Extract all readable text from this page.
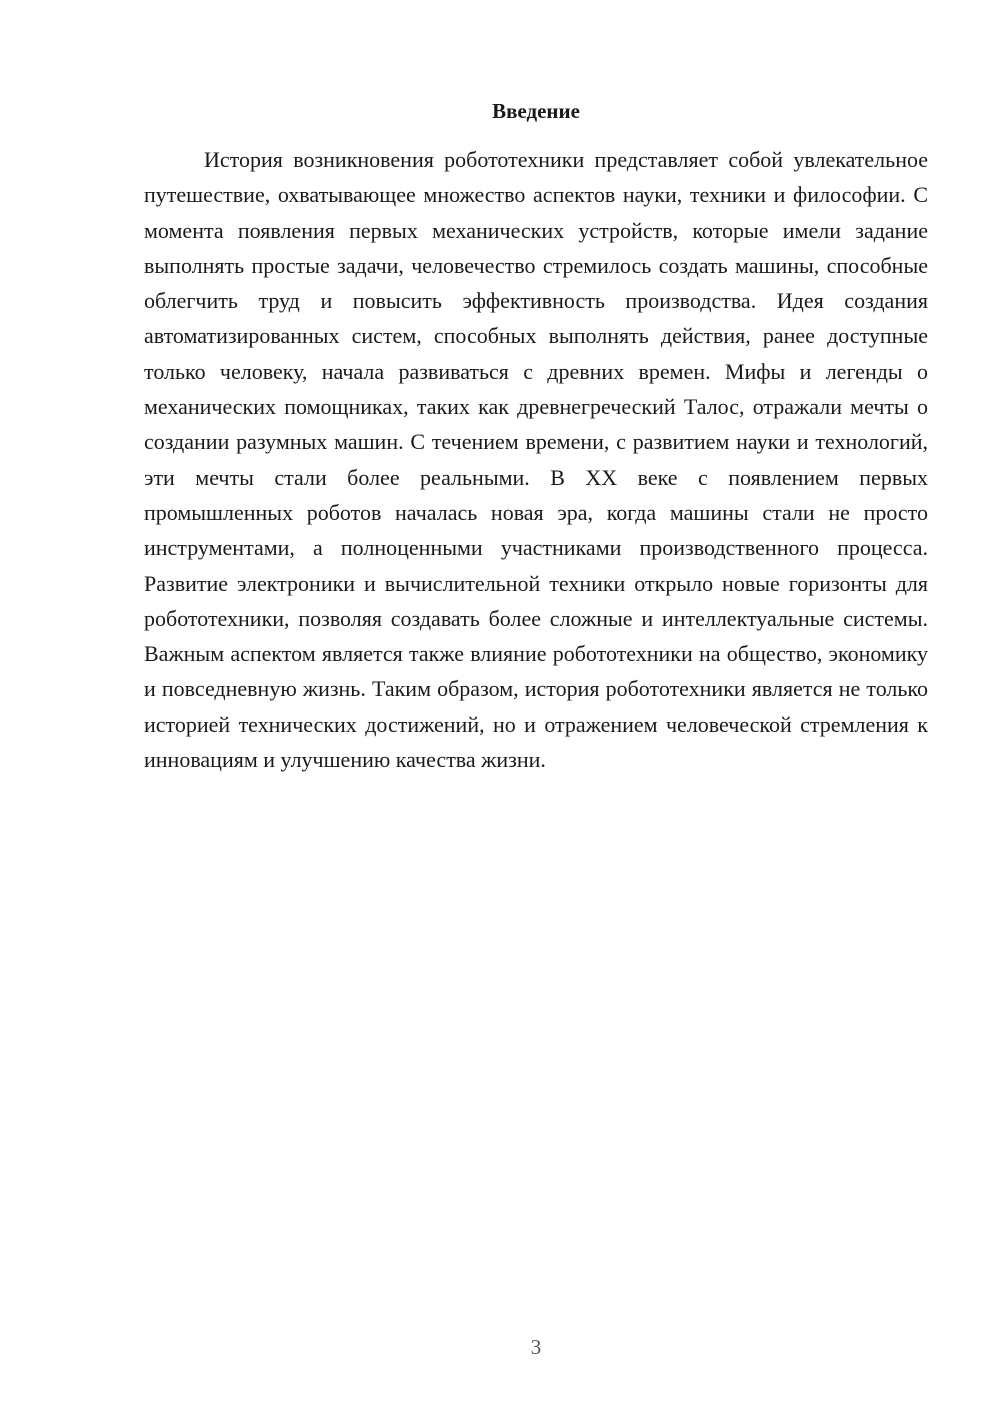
Введение

История возникновения робототехники представляет собой увлекательное путешествие, охватывающее множество аспектов науки, техники и философии. С момента появления первых механических устройств, которые имели задание выполнять простые задачи, человечество стремилось создать машины, способные облегчить труд и повысить эффективность производства. Идея создания автоматизированных систем, способных выполнять действия, ранее доступные только человеку, начала развиваться с древних времен. Мифы и легенды о механических помощниках, таких как древнегреческий Талос, отражали мечты о создании разумных машин. С течением времени, с развитием науки и технологий, эти мечты стали более реальными. В XX веке с появлением первых промышленных роботов началась новая эра, когда машины стали не просто инструментами, а полноценными участниками производственного процесса. Развитие электроники и вычислительной техники открыло новые горизонты для робототехники, позволяя создавать более сложные и интеллектуальные системы. Важным аспектом является также влияние робототехники на общество, экономику и повседневную жизнь. Таким образом, история робототехники является не только историей технических достижений, но и отражением человеческой стремления к инновациям и улучшению качества жизни.

3
